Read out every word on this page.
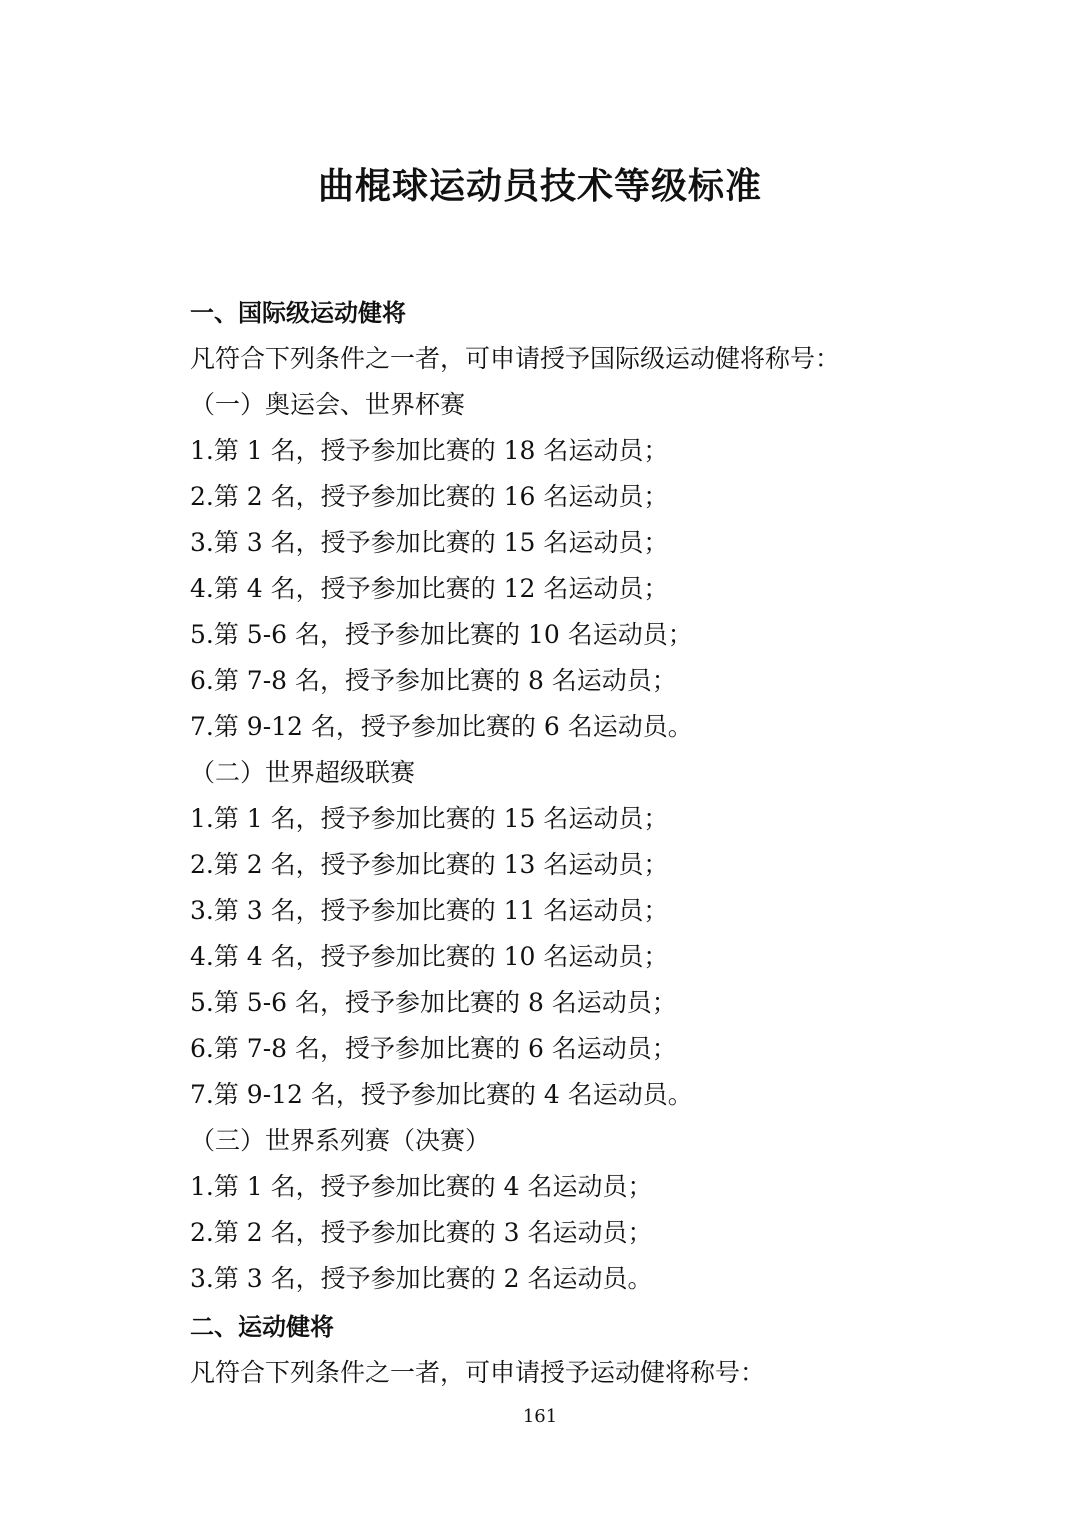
曲棍球运动员技术等级标准
一、国际级运动健将
凡符合下列条件之一者，可申请授予国际级运动健将称号：
（一）奥运会、世界杯赛
1.第 1 名，授予参加比赛的 18 名运动员；
2.第 2 名，授予参加比赛的 16 名运动员；
3.第 3 名，授予参加比赛的 15 名运动员；
4.第 4 名，授予参加比赛的 12 名运动员；
5.第 5-6 名，授予参加比赛的 10 名运动员；
6.第 7-8 名，授予参加比赛的 8 名运动员；
7.第 9-12 名，授予参加比赛的 6 名运动员。
（二）世界超级联赛
1.第 1 名，授予参加比赛的 15 名运动员；
2.第 2 名，授予参加比赛的 13 名运动员；
3.第 3 名，授予参加比赛的 11 名运动员；
4.第 4 名，授予参加比赛的 10 名运动员；
5.第 5-6 名，授予参加比赛的 8 名运动员；
6.第 7-8 名，授予参加比赛的 6 名运动员；
7.第 9-12 名，授予参加比赛的 4 名运动员。
（三）世界系列赛（决赛）
1.第 1 名，授予参加比赛的 4 名运动员；
2.第 2 名，授予参加比赛的 3 名运动员；
3.第 3 名，授予参加比赛的 2 名运动员。
二、运动健将
凡符合下列条件之一者，可申请授予运动健将称号：
161
